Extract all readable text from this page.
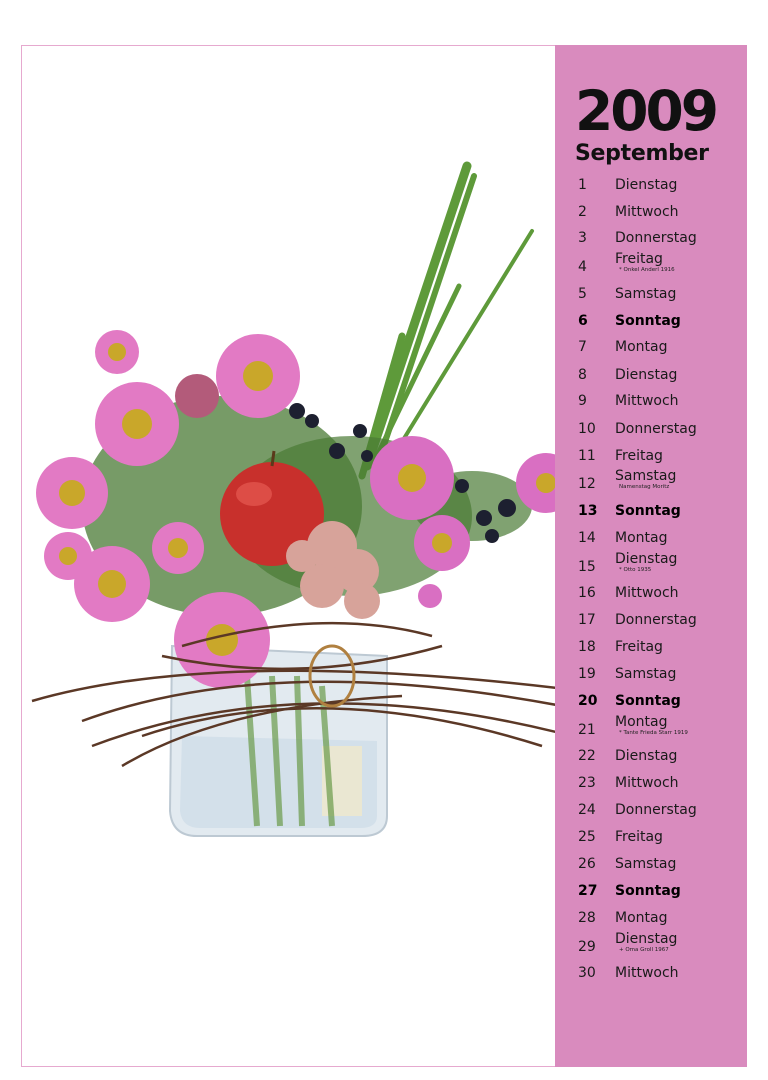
2009
September
1	Dienstag
2	Mittwoch
3	Donnerstag
4	Freitag
* Onkel Anderl 1916
5	Samstag
6	Sonntag
7	Montag
8	Dienstag
9	Mittwoch
10	Donnerstag
11	Freitag
12	Samstag
Namenstag Moritz
13	Sonntag
14	Montag
15	Dienstag
* Otto 1935
16	Mittwoch
17	Donnerstag
18	Freitag
19	Samstag
20	Sonntag
21	Montag
* Tante Frieda Starr 1919
22	Dienstag
23	Mittwoch
24	Donnerstag
25	Freitag
26	Samstag
27	Sonntag
28	Montag
29	Dienstag
+ Oma Groll 1967
30	Mittwoch
